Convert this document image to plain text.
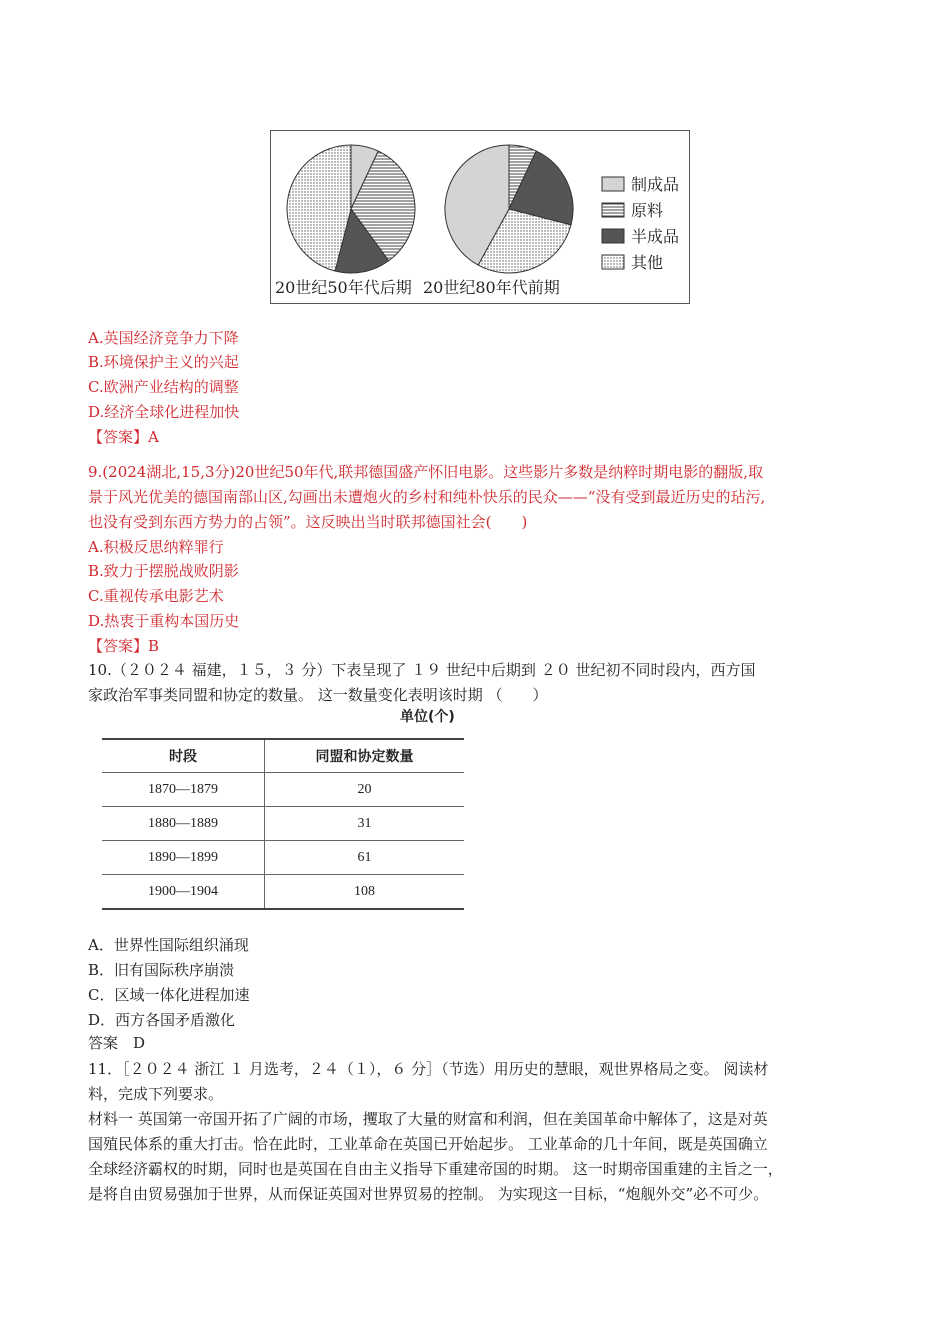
20世纪50年代后期 20世纪80年代前期
制成品
原料
半成品
其他
A.英国经济竞争力下降
B.环境保护主义的兴起
C.欧洲产业结构的调整
D.经济全球化进程加快
【答案】A
9.(2024湖北,15,3分)20世纪50年代,联邦德国盛产怀旧电影。这些影片多数是纳粹时期电影的翻版,取
景于风光优美的德国南部山区,勾画出未遭炮火的乡村和纯朴快乐的民众——“没有受到最近历史的玷污,
也没有受到东西方势力的占领”。这反映出当时联邦德国社会(　　)
A.积极反思纳粹罪行
B.致力于摆脱战败阴影
C.重视传承电影艺术
D.热衷于重构本国历史
【答案】B
10.（２０２４ 福建，１５，３ 分）下表呈现了 １９ 世纪中后期到 ２０ 世纪初不同时段内，西方国
家政治军事类同盟和协定的数量。 这一数量变化表明该时期 （　　）
单位(个)
时段	同盟和协定数量
1870—1879	20
1880—1889	31
1890—1899	61
1900—1904	108
A．世界性国际组织涌现
B．旧有国际秩序崩溃
C．区域一体化进程加速
D．西方各国矛盾激化
答案　D
11．［２０２４ 浙江 １ 月选考，２４（１），６ 分］（节选）用历史的慧眼，观世界格局之变。 阅读材
料，完成下列要求。
材料一 英国第一帝国开拓了广阔的市场，攫取了大量的财富和利润，但在美国革命中解体了，这是对英
国殖民体系的重大打击。恰在此时，工业革命在英国已开始起步。 工业革命的几十年间，既是英国确立
全球经济霸权的时期，同时也是英国在自由主义指导下重建帝国的时期。 这一时期帝国重建的主旨之一，
是将自由贸易强加于世界，从而保证英国对世界贸易的控制。 为实现这一目标，“炮舰外交”必不可少。
